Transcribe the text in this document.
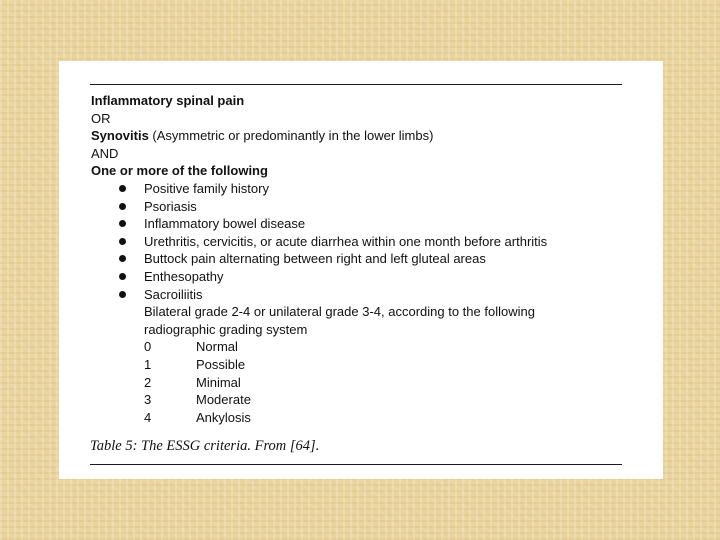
Inflammatory spinal pain
OR
Synovitis (Asymmetric or predominantly in the lower limbs)
AND
One or more of the following
Positive family history
Psoriasis
Inflammatory bowel disease
Urethritis, cervicitis, or acute diarrhea within one month before arthritis
Buttock pain alternating between right and left gluteal areas
Enthesopathy
Sacroiliitis
Bilateral grade 2-4 or unilateral grade 3-4, according to the following
radiographic grading system
0	Normal
1	Possible
2	Minimal
3	Moderate
4	Ankylosis
Table 5: The ESSG criteria. From [64].
